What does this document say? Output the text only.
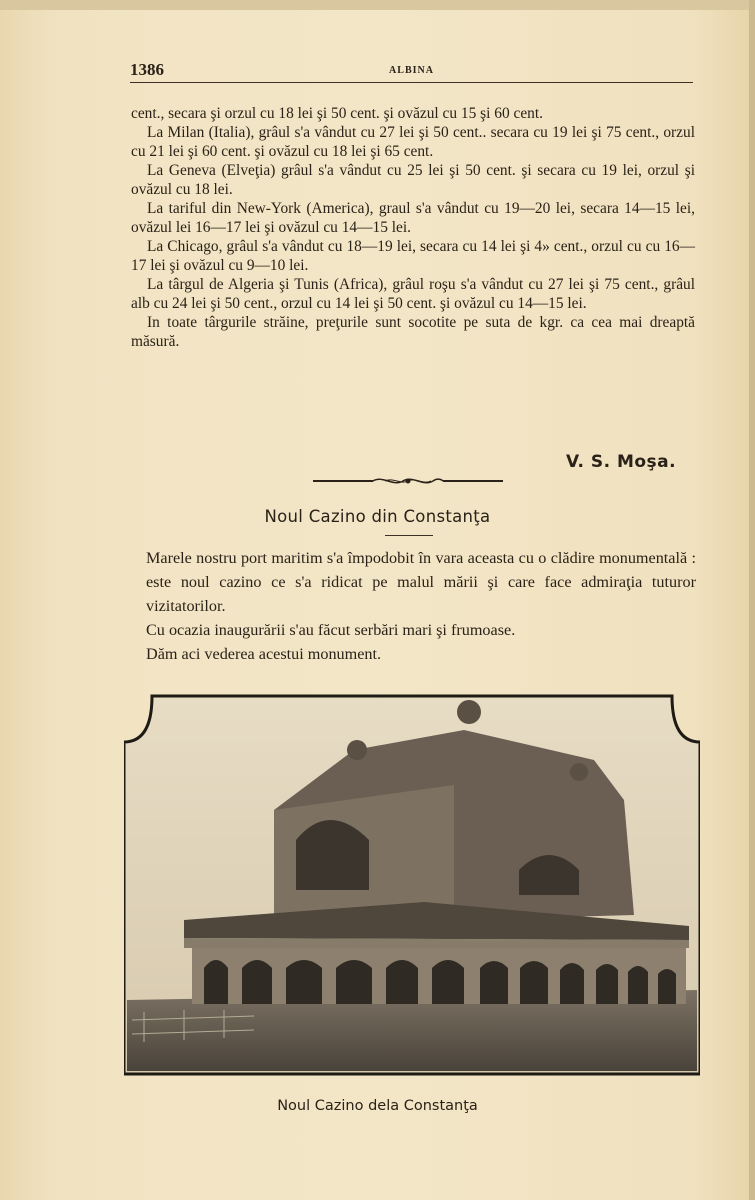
1386	ALBINA

cent., secara şi orzul cu 18 lei şi 50 cent. şi ovăzul cu 15 şi 60 cent.

La Milan (Italia), grâul s'a vândut cu 27 lei şi 50 cent.. secara cu 19 lei şi 75 cent., orzul cu 21 lei şi 60 cent. şi ovăzul cu 18 lei şi 65 cent.

La Geneva (Elveţia) grâul s'a vândut cu 25 lei şi 50 cent. şi secara cu 19 lei, orzul şi ovăzul cu 18 lei.

La tariful din New-York (America), graul s'a vândut cu 19—20 lei, secara 14—15 lei, ovăzul lei 16—17 lei şi ovăzul cu 14—15 lei.

La Chicago, grâul s'a vândut cu 18—19 lei, secara cu 14 lei şi 4» cent., orzul cu cu 16—17 lei şi ovăzul cu 9—10 lei.

La târgul de Algeria şi Tunis (Africa), grâul roşu s'a vândut cu 27 lei şi 75 cent., grâul alb cu 24 lei şi 50 cent., orzul cu 14 lei şi 50 cent. şi ovăzul cu 14—15 lei.

In toate târgurile străine, preţurile sunt socotite pe suta de kgr. ca cea mai dreaptă măsură.

V. S. Moşa.
Noul Cazino din Constanţa

Marele nostru port maritim s'a împodobit în vara aceasta cu o clădire monumentală : este noul cazino ce s'a ridicat pe malul mării şi care face admiraţia tuturor vizitatorilor.

Cu ocazia inaugurării s'au făcut serbări mari şi frumoase.

Dăm aci vederea acestui monument.

Noul Cazino dela Constanţa
